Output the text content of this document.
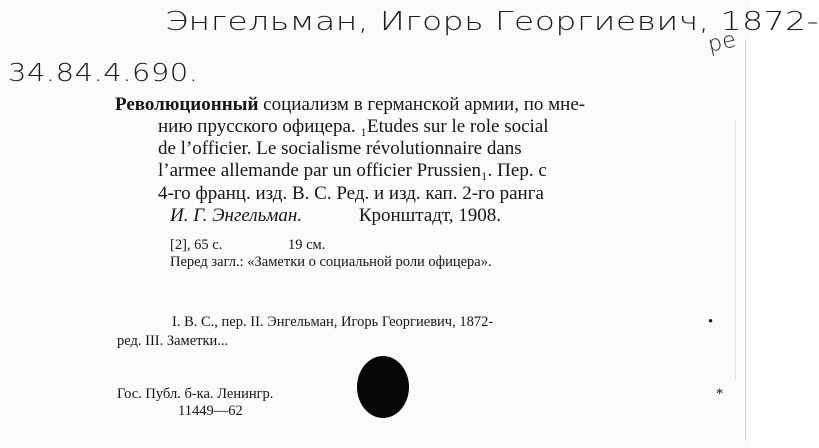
Энгельман, Игорь Георгиевич, 1872-
ре
34.84.4.690.
Революционный социализм в германской армии, по мне-
нию прусского офицера. ₁Etudes sur le role social
de l’officier. Le socialisme révolutionnaire dans
l’armee allemande par un officier Prussien₁. Пер. с
4-го франц. изд. В. С. Ред. и изд. кап. 2-го ранга
И. Г. Энгельман.	Кронштадт, 1908.
[2], 65 с.	19 см.
Перед загл.: «Заметки о социальной роли офицера».
I. В. С., пер. II. Энгельман, Игорь Георгиевич, 1872-
ред. III. Заметки...
•
Гос. Публ. б-ка. Ленингр.
11449—62
*
